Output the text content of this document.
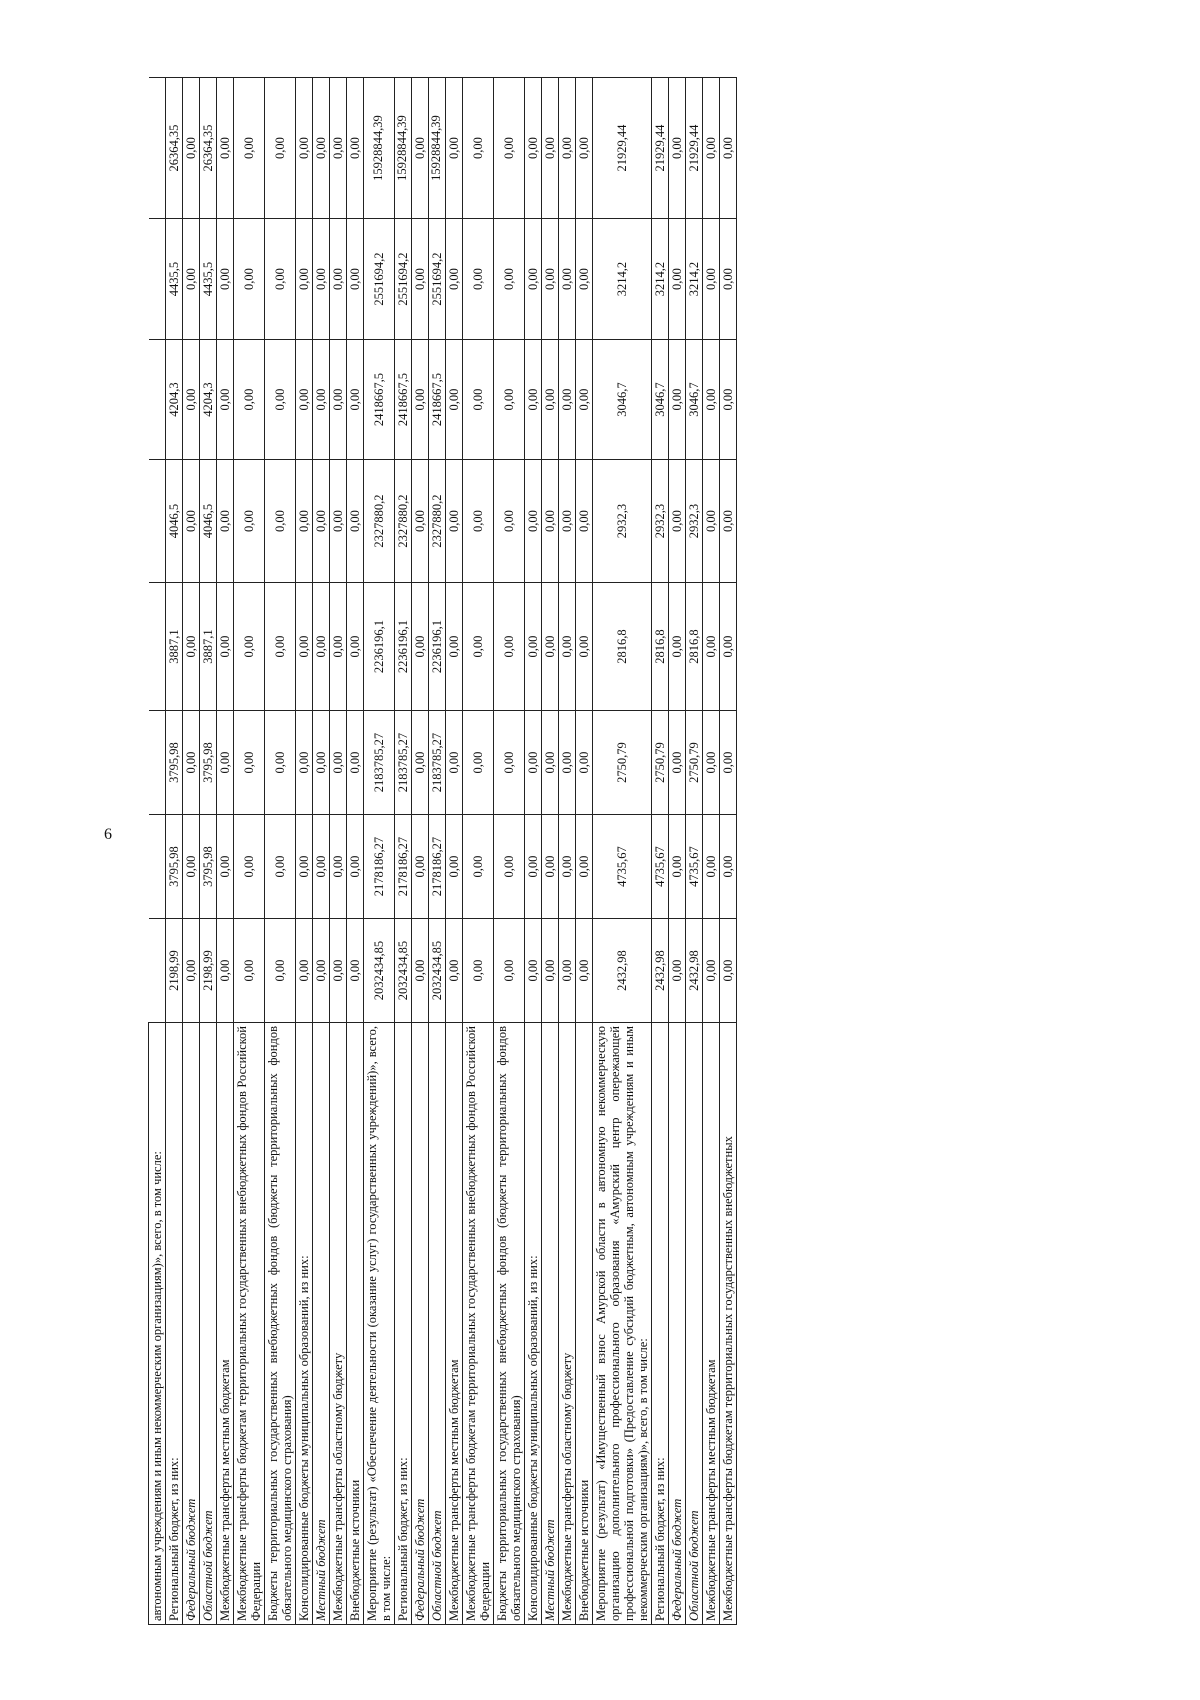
6
автономным учреждениям и иным некоммерческим организациям)», всего, в том числе:								
Региональный бюджет, из них:	2198,99	3795,98	3795,98	3887,1	4046,5	4204,3	4435,5	26364,35
Федеральный бюджет	0,00	0,00	0,00	0,00	0,00	0,00	0,00	0,00
Областной бюджет	2198,99	3795,98	3795,98	3887,1	4046,5	4204,3	4435,5	26364,35
Межбюджетные трансферты местным бюджетам	0,00	0,00	0,00	0,00	0,00	0,00	0,00	0,00
Межбюджетные трансферты бюджетам территориальных государственных внебюджетных фондов Российской Федерации	0,00	0,00	0,00	0,00	0,00	0,00	0,00	0,00
Бюджеты территориальных государственных внебюджетных фондов (бюджеты территориальных фондов обязательного медицинского страхования)	0,00	0,00	0,00	0,00	0,00	0,00	0,00	0,00
Консолидированные бюджеты муниципальных образований, из них:	0,00	0,00	0,00	0,00	0,00	0,00	0,00	0,00
Местный бюджет	0,00	0,00	0,00	0,00	0,00	0,00	0,00	0,00
Межбюджетные трансферты областному бюджету	0,00	0,00	0,00	0,00	0,00	0,00	0,00	0,00
Внебюджетные источники	0,00	0,00	0,00	0,00	0,00	0,00	0,00	0,00
Мероприятие (результат) «Обеспечение деятельности (оказание услуг) государственных учреждений)», всего, в том числе:	2032434,85	2178186,27	2183785,27	2236196,1	2327880,2	2418667,5	2551694,2	15928844,39
Региональный бюджет, из них:	2032434,85	2178186,27	2183785,27	2236196,1	2327880,2	2418667,5	2551694,2	15928844,39
Федеральный бюджет	0,00	0,00	0,00	0,00	0,00	0,00	0,00	0,00
Областной бюджет	2032434,85	2178186,27	2183785,27	2236196,1	2327880,2	2418667,5	2551694,2	15928844,39
Межбюджетные трансферты местным бюджетам	0,00	0,00	0,00	0,00	0,00	0,00	0,00	0,00
Межбюджетные трансферты бюджетам территориальных государственных внебюджетных фондов Российской Федерации	0,00	0,00	0,00	0,00	0,00	0,00	0,00	0,00
Бюджеты территориальных государственных внебюджетных фондов (бюджеты территориальных фондов обязательного медицинского страхования)	0,00	0,00	0,00	0,00	0,00	0,00	0,00	0,00
Консолидированные бюджеты муниципальных образований, из них:	0,00	0,00	0,00	0,00	0,00	0,00	0,00	0,00
Местный бюджет	0,00	0,00	0,00	0,00	0,00	0,00	0,00	0,00
Межбюджетные трансферты областному бюджету	0,00	0,00	0,00	0,00	0,00	0,00	0,00	0,00
Внебюджетные источники	0,00	0,00	0,00	0,00	0,00	0,00	0,00	0,00
Мероприятие (результат) «Имущественный взнос Амурской области в автономную некоммерческую организацию дополнительного профессионального образования «Амурский центр опережающей профессиональной подготовки» (Предоставление субсидий бюджетным, автономным учреждениям и иным некоммерческим организациям)», всего, в том числе:	2432,98	4735,67	2750,79	2816,8	2932,3	3046,7	3214,2	21929,44
Региональный бюджет, из них:	2432,98	4735,67	2750,79	2816,8	2932,3	3046,7	3214,2	21929,44
Федеральный бюджет	0,00	0,00	0,00	0,00	0,00	0,00	0,00	0,00
Областной бюджет	2432,98	4735,67	2750,79	2816,8	2932,3	3046,7	3214,2	21929,44
Межбюджетные трансферты местным бюджетам	0,00	0,00	0,00	0,00	0,00	0,00	0,00	0,00
Межбюджетные трансферты бюджетам территориальных государственных внебюджетных	0,00	0,00	0,00	0,00	0,00	0,00	0,00	0,00
